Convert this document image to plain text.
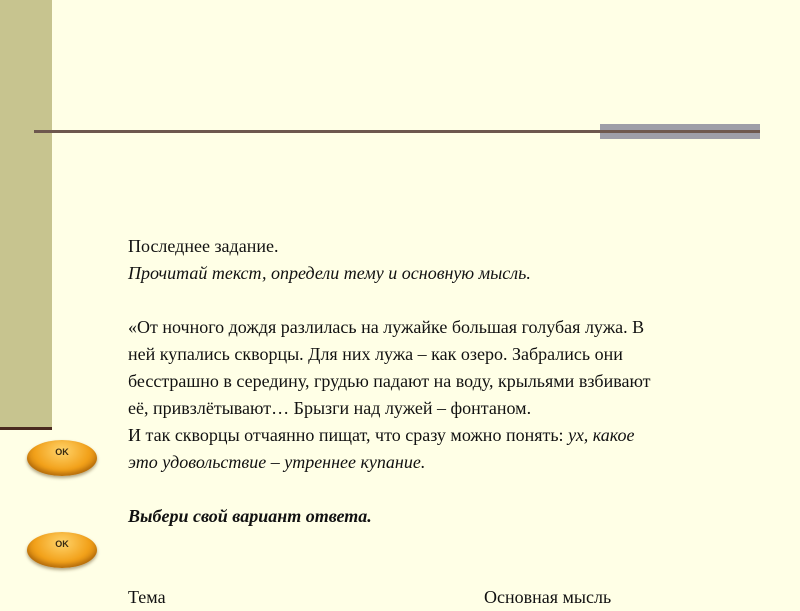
OK
OK

Последнее задание.

Прочитай текст, определи тему и основную мысль.

«От ночного дождя разлилась на лужайке большая голубая лужа. В

ней купались скворцы. Для них лужа – как озеро. Забрались они

бесстрашно в середину, грудью падают на воду, крыльями взбивают

её, привзлётывают… Брызги над лужей – фонтаном.

И так скворцы отчаянно пищат, что сразу можно понять: ух, какое

это удовольствие – утреннее купание.

Выбери свой вариант ответа.

Тема	Основная мысль
